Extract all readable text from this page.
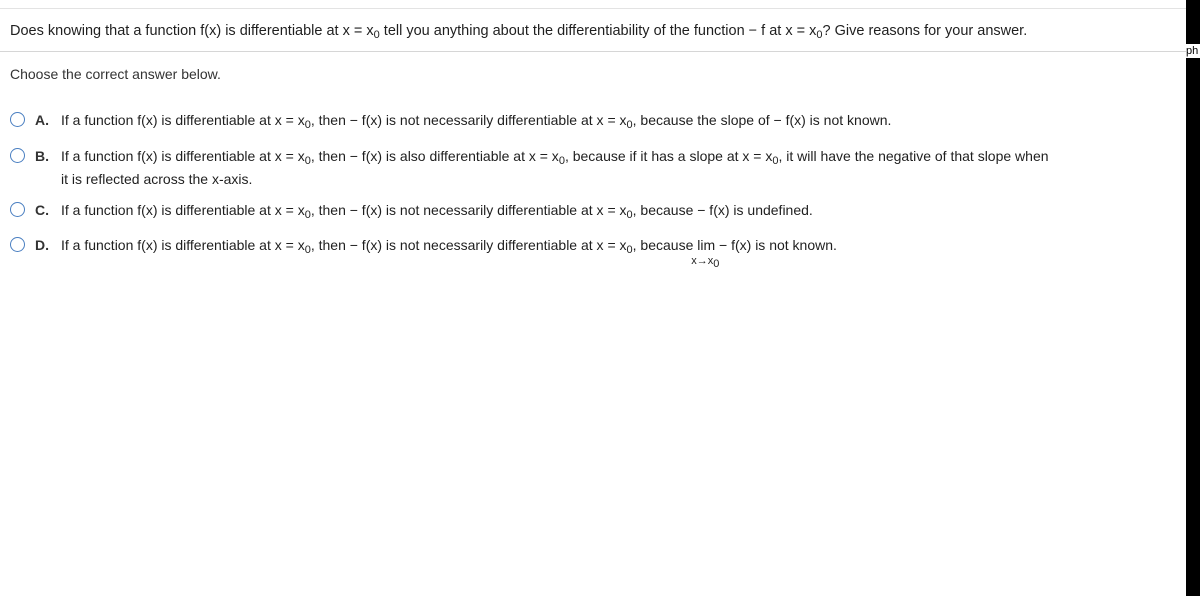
Does knowing that a function f(x) is differentiable at $x = x_0$ tell you anything about the differentiability of the function − f at $x = x_0$? Give reasons for your answer.
Choose the correct answer below.
A. If a function f(x) is differentiable at $x = x_0$, then − f(x) is not necessarily differentiable at $x = x_0$, because the slope of − f(x) is not known.
B. If a function f(x) is differentiable at $x = x_0$, then − f(x) is also differentiable at $x = x_0$, because if it has a slope at $x = x_0$, it will have the negative of that slope when
it is reflected across the x-axis.
C. If a function f(x) is differentiable at $x = x_0$, then − f(x) is not necessarily differentiable at $x = x_0$, because − f(x) is undefined.
D. If a function f(x) is differentiable at $x = x_0$, then − f(x) is not necessarily differentiable at $x = x_0$, because lim
x→x0
− f(x) is not known.
ph
